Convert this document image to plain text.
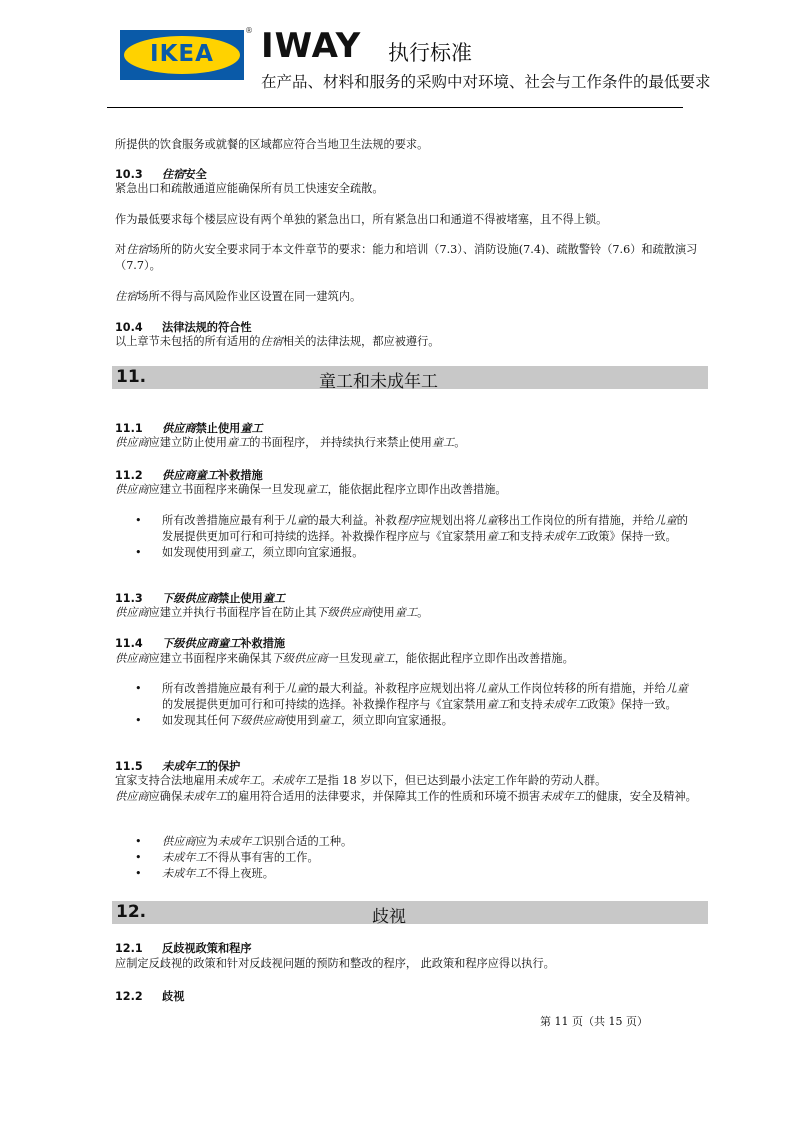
IKEA
® IWAY 执行标准
在产品、材料和服务的采购中对环境、社会与工作条件的最低要求
所提供的饮食服务或就餐的区域都应符合当地卫生法规的要求。
10.3 住宿安全
紧急出口和疏散通道应能确保所有员工快速安全疏散。
作为最低要求每个楼层应设有两个单独的紧急出口，所有紧急出口和通道不得被堵塞，且不得上锁。
对住宿场所的防火安全要求同于本文件章节的要求：能力和培训（7.3）、消防设施(7.4)、疏散警铃（7.6）和疏散演习（7.7）。
住宿场所不得与高风险作业区设置在同一建筑内。
10.4 法律法规的符合性
以上章节未包括的所有适用的住宿相关的法律法规，都应被遵行。
11.	童工和未成年工
11.1 供应商禁止使用童工
供应商应建立防止使用童工的书面程序， 并持续执行来禁止使用童工。
11.2 供应商童工补救措施
供应商应建立书面程序来确保一旦发现童工，能依据此程序立即作出改善措施。
• 所有改善措施应最有利于儿童的最大利益。补救程序应规划出将儿童移出工作岗位的所有措施，并给儿童的发展提供更加可行和可持续的选择。补救操作程序应与《宜家禁用童工和支持未成年工政策》保持一致。
• 如发现使用到童工，须立即向宜家通报。
11.3 下级供应商禁止使用童工
供应商应建立并执行书面程序旨在防止其下级供应商使用童工。
11.4 下级供应商童工补救措施
供应商应建立书面程序来确保其下级供应商一旦发现童工，能依据此程序立即作出改善措施。
• 所有改善措施应最有利于儿童的最大利益。补救程序应规划出将儿童从工作岗位转移的所有措施，并给儿童的发展提供更加可行和可持续的选择。补救操作程序与《宜家禁用童工和支持未成年工政策》保持一致。
• 如发现其任何下级供应商使用到童工，须立即向宜家通报。
11.5 未成年工的保护
宜家支持合法地雇用未成年工。未成年工是指 18 岁以下，但已达到最小法定工作年龄的劳动人群。
供应商应确保未成年工的雇用符合适用的法律要求，并保障其工作的性质和环境不损害未成年工的健康，安全及精神。
• 供应商应为未成年工识别合适的工种。
• 未成年工不得从事有害的工作。
• 未成年工不得上夜班。
12.	歧视
12.1 反歧视政策和程序
应制定反歧视的政策和针对反歧视问题的预防和整改的程序， 此政策和程序应得以执行。
12.2 歧视
第 11 页（共 15 页）
